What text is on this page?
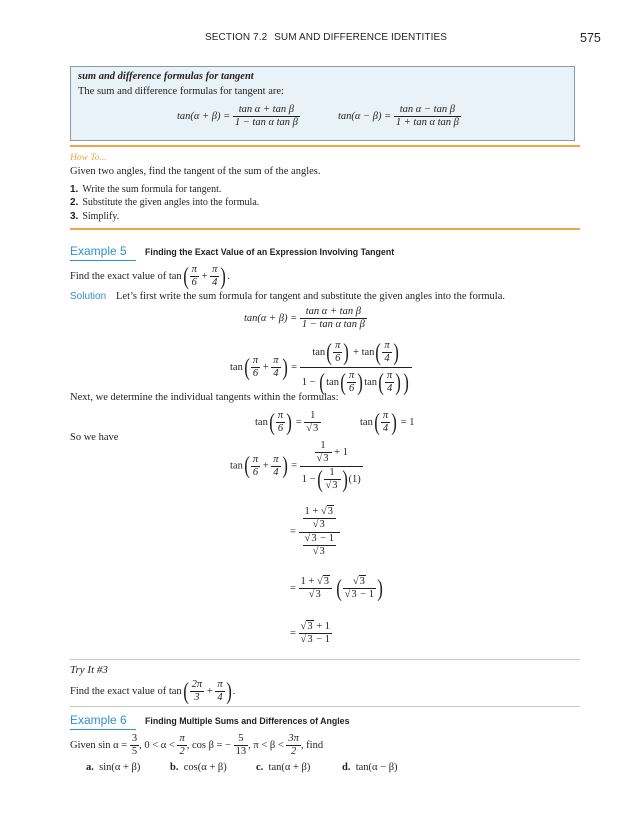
SECTION 7.2 SUM AND DIFFERENCE IDENTITIES	575
sum and difference formulas for tangent
The sum and difference formulas for tangent are:
$\tan(\alpha + \beta) = \frac{\text{tan α + tan β}}{\text{1 − tan α tan β}}$	$\tan(\alpha - \beta) = \frac{\text{tan α − tan β}}{\text{1 + tan α tan β}}$
How To...
Given two angles, find the tangent of the sum of the angles.
1. Write the sum formula for tangent.
2. Substitute the given angles into the formula.
3. Simplify.
Example 5 Finding the Exact Value of an Expression Involving Tangent
Find the exact value of $\tan( \frac{\pi}{6} + \frac{\pi}{4}$ ).
Solution Let’s first write the sum formula for tangent and substitute the given angles into the formula.
$\tan(\alpha + \beta) = \frac{\text{tan α + tan β}}{\text{1 − tan α tan β}}$
$\tan( \frac{\pi}{6} + \frac{\pi}{4}$ ) = $\frac{\tan( \frac{\pi}{6} ) + \tan( \frac{\pi}{4} )}{1 - (\tan( \frac{\pi}{6} )\tan( \frac{\pi}{4} ) )}$
Next, we determine the individual tangents within the formulas:
$\tan( \frac{\pi}{6}$ ) = $\frac{1}{√3}$	$\tan( \frac{\pi}{4}$ ) = 1
So we have
$\tan( \frac{\pi}{6} + \frac{\pi}{4}$ ) = $\frac{\frac{1}{√3} + 1}{1 -( \frac{1}{√3} )(1)}$
= $\frac{\frac{1 + √3}{√3}}{\frac{√3 - 1}{√3}}$
= $\frac{1 + √3}{√3}$ ( $\frac{√3}{√3 - 1}$ )
= $\frac{√3 + 1}{√3 - 1}$
Try It #3
Find the exact value of $\tan( \frac{2\pi}{3} + \frac{\pi}{4}$ ).
Example 6 Finding Multiple Sums and Differences of Angles
Given $\sin \alpha = \frac{3}{5}$ , $0 < \alpha < \frac{\pi}{2}$ , cos β = − $\frac{5}{13}$ , $\pi < \beta < \frac{3\pi}{2}$ , find
a. sin(α + β)	b. cos(α + β)	c. tan(α + β)	d. tan(α − β)
